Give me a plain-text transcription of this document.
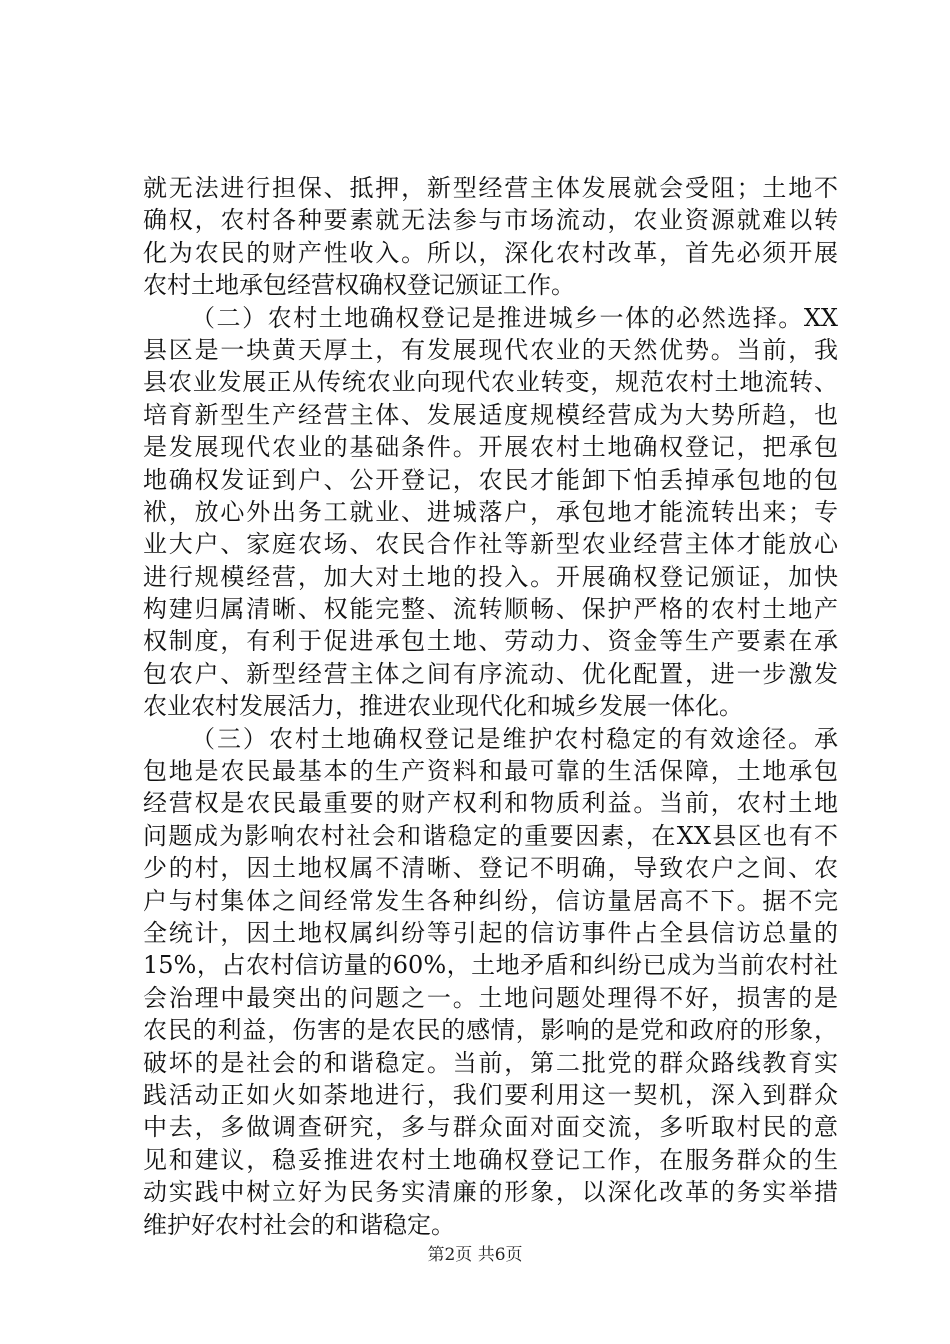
就无法进行担保、抵押，新型经营主体发展就会受阻；土地不
确权，农村各种要素就无法参与市场流动，农业资源就难以转
化为农民的财产性收入。所以，深化农村改革，首先必须开展
农村土地承包经营权确权登记颁证工作。
（二）农村土地确权登记是推进城乡一体的必然选择。XX
县区是一块黄天厚土，有发展现代农业的天然优势。当前，我
县农业发展正从传统农业向现代农业转变，规范农村土地流转、
培育新型生产经营主体、发展适度规模经营成为大势所趋，也
是发展现代农业的基础条件。开展农村土地确权登记，把承包
地确权发证到户、公开登记，农民才能卸下怕丢掉承包地的包
袱，放心外出务工就业、进城落户，承包地才能流转出来；专
业大户、家庭农场、农民合作社等新型农业经营主体才能放心
进行规模经营，加大对土地的投入。开展确权登记颁证，加快
构建归属清晰、权能完整、流转顺畅、保护严格的农村土地产
权制度，有利于促进承包土地、劳动力、资金等生产要素在承
包农户、新型经营主体之间有序流动、优化配置，进一步激发
农业农村发展活力，推进农业现代化和城乡发展一体化。
（三）农村土地确权登记是维护农村稳定的有效途径。承
包地是农民最基本的生产资料和最可靠的生活保障，土地承包
经营权是农民最重要的财产权利和物质利益。当前，农村土地
问题成为影响农村社会和谐稳定的重要因素，在XX县区也有不
少的村，因土地权属不清晰、登记不明确，导致农户之间、农
户与村集体之间经常发生各种纠纷，信访量居高不下。据不完
全统计，因土地权属纠纷等引起的信访事件占全县信访总量的
15%，占农村信访量的60%，土地矛盾和纠纷已成为当前农村社
会治理中最突出的问题之一。土地问题处理得不好，损害的是
农民的利益，伤害的是农民的感情，影响的是党和政府的形象，
破坏的是社会的和谐稳定。当前，第二批党的群众路线教育实
践活动正如火如荼地进行，我们要利用这一契机，深入到群众
中去，多做调查研究，多与群众面对面交流，多听取村民的意
见和建议，稳妥推进农村土地确权登记工作，在服务群众的生
动实践中树立好为民务实清廉的形象，以深化改革的务实举措
维护好农村社会的和谐稳定。
第2页 共6页
